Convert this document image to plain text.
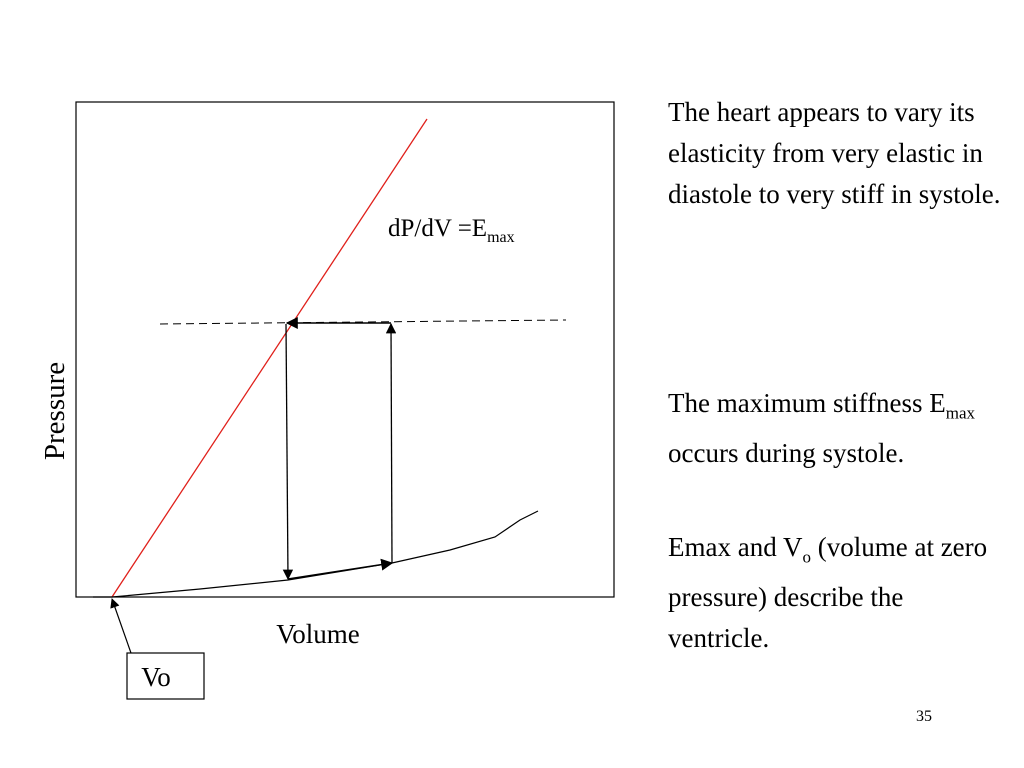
$dP/dV =E_{max}$
Pressure
Volume
Vo

The heart appears to vary its elasticity from very elastic in diastole to very stiff in systole.

The maximum stiffness $E_{max}$ occurs during systole.

Emax and $V_o$ (volume at zero pressure) describe the ventricle.

35
